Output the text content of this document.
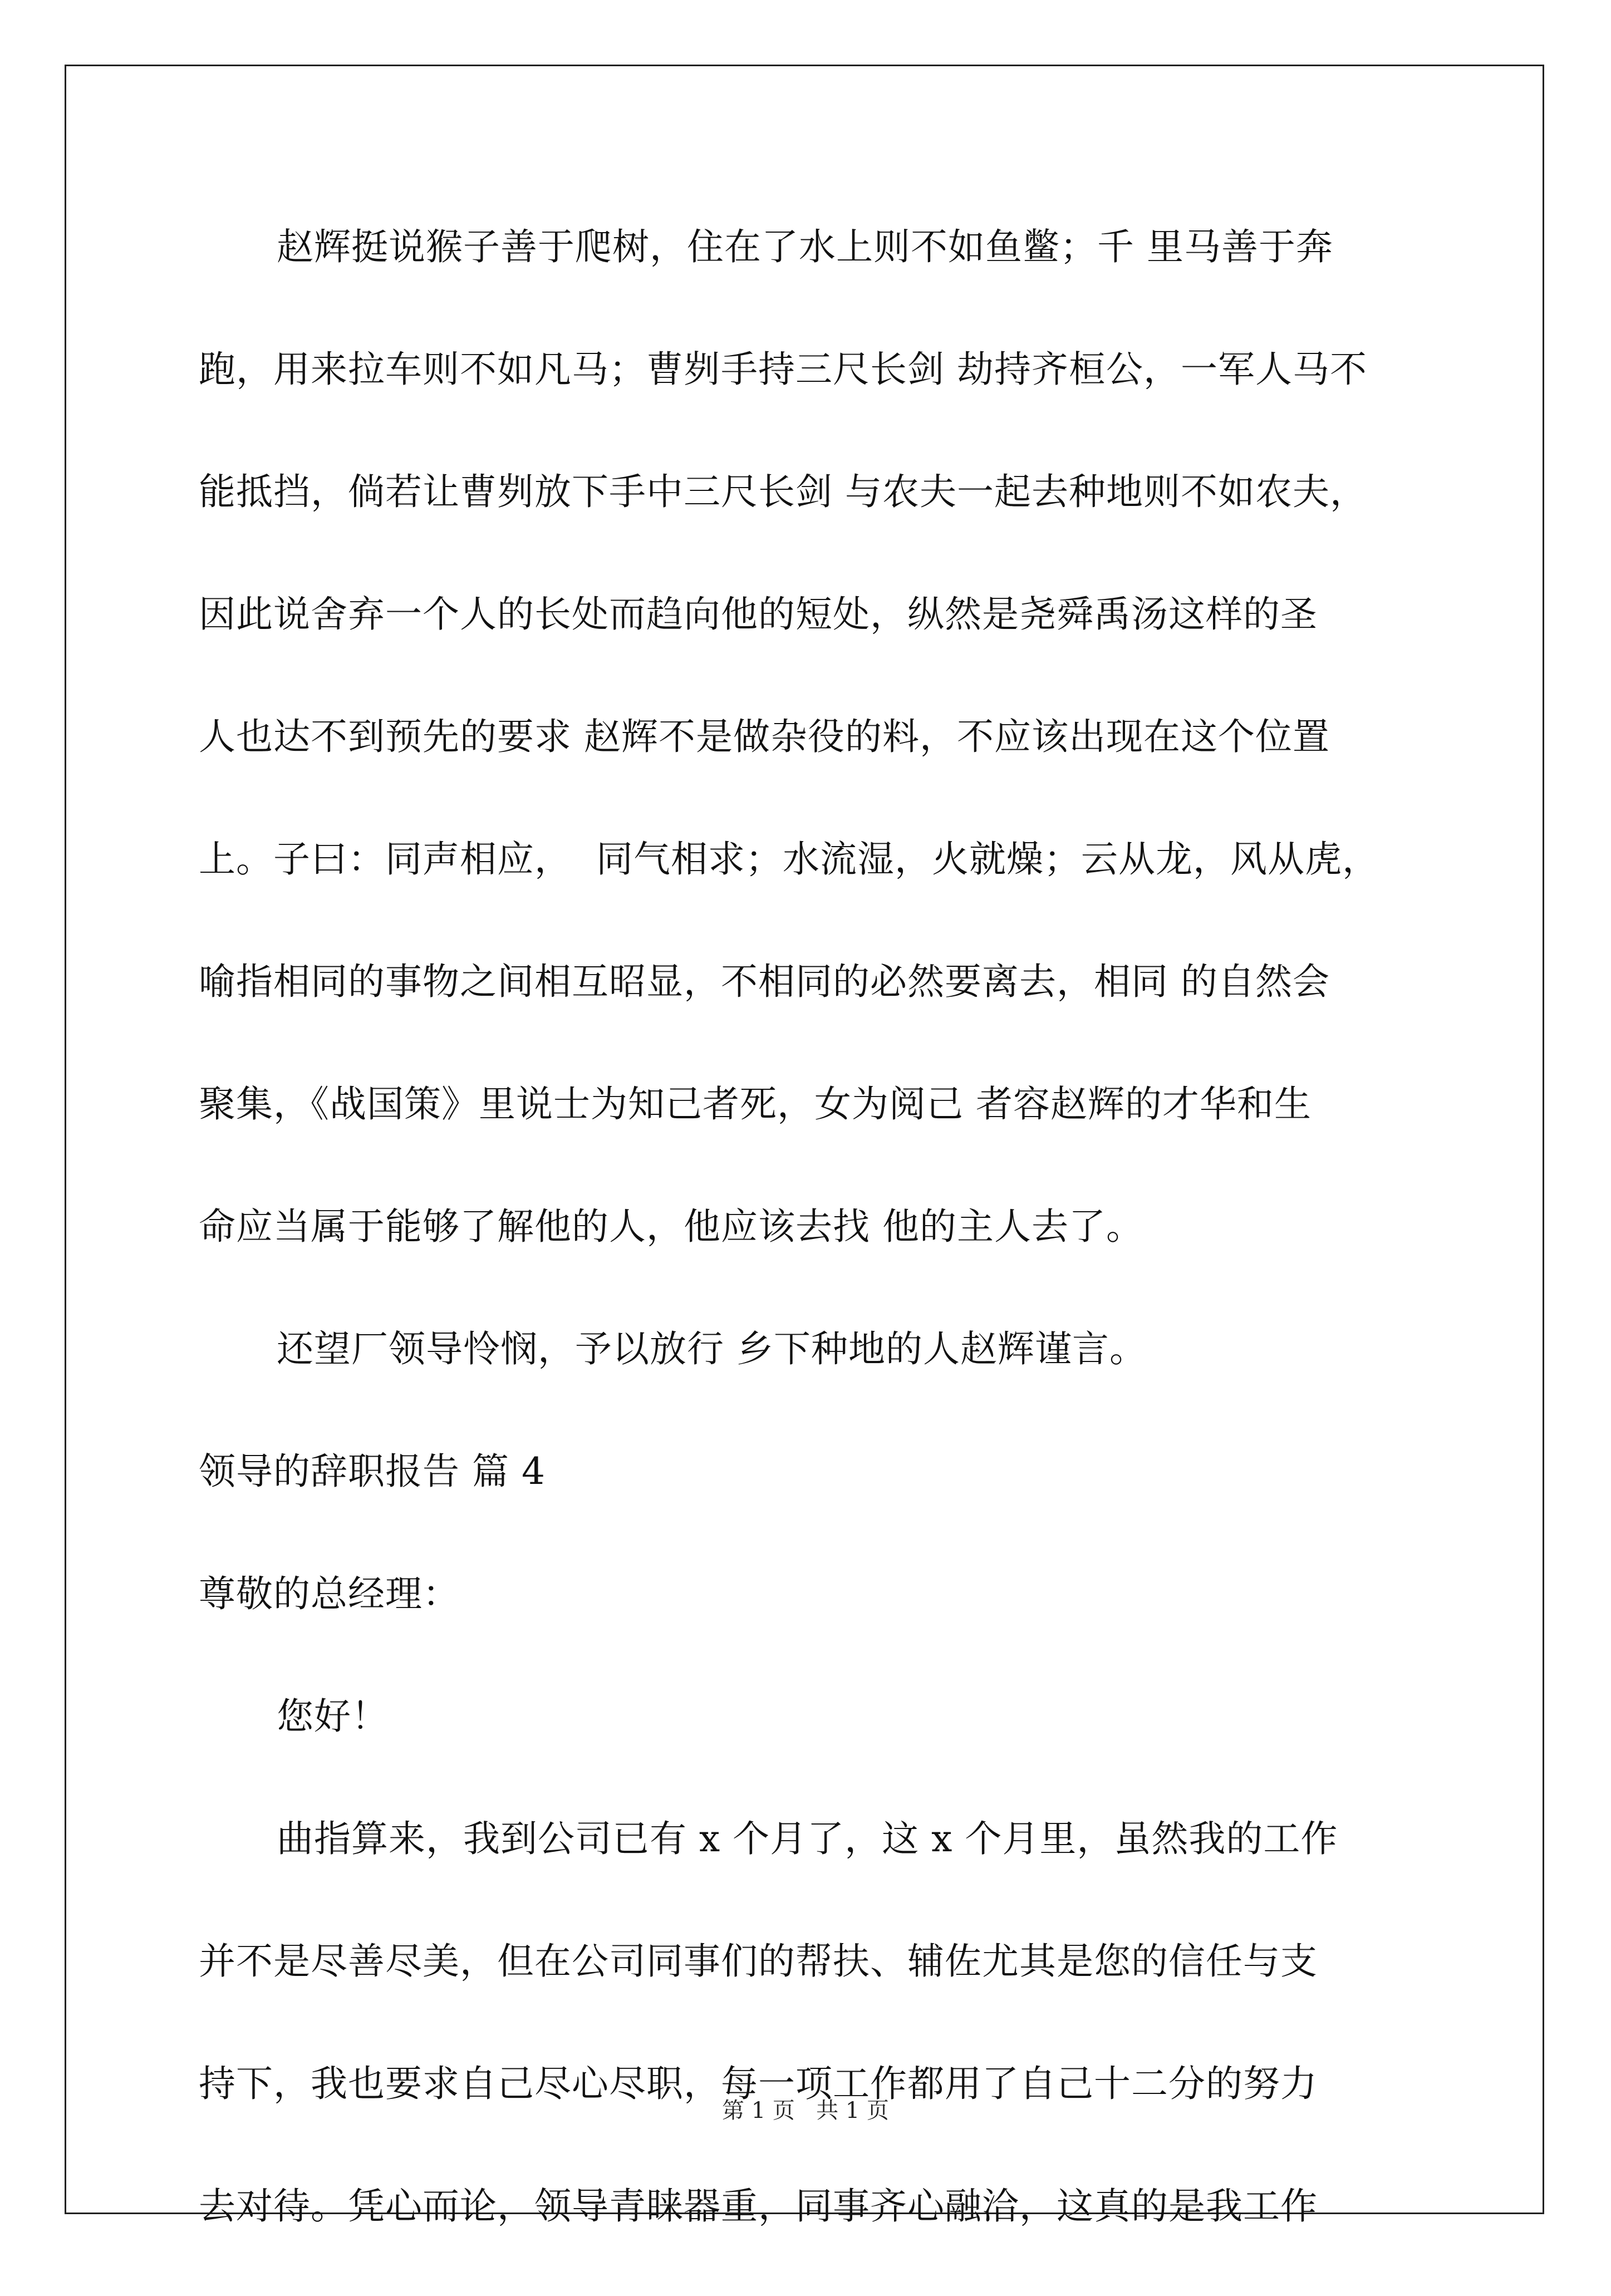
赵辉挺说猴子善于爬树，住在了水上则不如鱼鳖；千 里马善于奔
跑，用来拉车则不如凡马；曹刿手持三尺长剑 劫持齐桓公，一军人马不
能抵挡，倘若让曹刿放下手中三尺长剑 与农夫一起去种地则不如农夫，
因此说舍弃一个人的长处而趋向他的短处，纵然是尧舜禹汤这样的圣
人也达不到预先的要求 赵辉不是做杂役的料，不应该出现在这个位置
上。子曰：同声相应，  同气相求；水流湿，火就燥；云从龙，风从虎，
喻指相同的事物之间相互昭显，不相同的必然要离去，相同 的自然会
聚集，《战国策》里说士为知己者死，女为阅己 者容赵辉的才华和生
命应当属于能够了解他的人，他应该去找 他的主人去了。
还望厂领导怜悯，予以放行 乡下种地的人赵辉谨言。
领导的辞职报告 篇 4
尊敬的总经理：
您好！
曲指算来，我到公司已有 x 个月了，这 x 个月里，虽然我的工作
并不是尽善尽美，但在公司同事们的帮扶、辅佐尤其是您的信任与支
持下，我也要求自己尽心尽职，每一项工作都用了自己十二分的努力
去对待。凭心而论，领导青睐器重，同事齐心融洽，这真的是我工作
第 1 页   共 1 页
